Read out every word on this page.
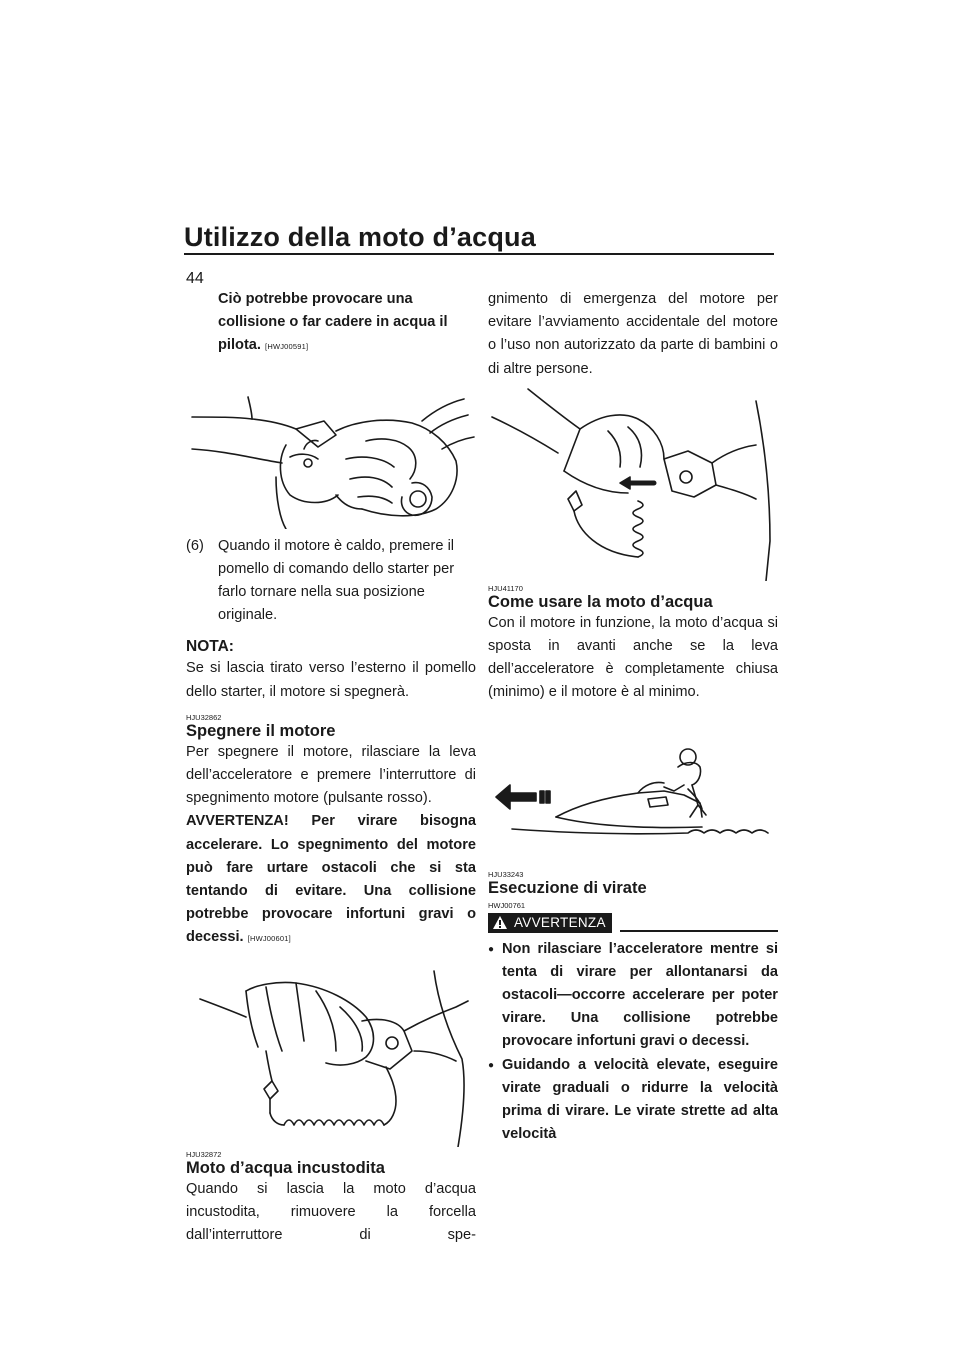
Utilizzo della moto d’acqua
44

Ciò potrebbe provocare una collisione o far cadere in acqua il pilota. [HWJ00591]

(6) Quando il motore è caldo, premere il pomello di comando dello starter per farlo tornare nella sua posizione originale.

NOTA:

Se si lascia tirato verso l’esterno il pomello dello starter, il motore si spegnerà.

HJU32862
Spegnere il motore

Per spegnere il motore, rilasciare la leva dell’acceleratore e premere l’interruttore di spegnimento motore (pulsante rosso).

AVVERTENZA! Per virare bisogna accelerare. Lo spegnimento del motore può fare urtare ostacoli che si sta tentando di evitare. Una collisione potrebbe provocare infortuni gravi o decessi. [HWJ00601]

HJU32872
Moto d’acqua incustodita

Quando si lascia la moto d’acqua incustodita, rimuovere la forcella dall’interruttore di spe-

gnimento di emergenza del motore per evitare l’avviamento accidentale del motore o l’uso non autorizzato da parte di bambini o di altre persone.

HJU41170
Come usare la moto d’acqua

Con il motore in funzione, la moto d’acqua si sposta in avanti anche se la leva dell’acceleratore è completamente chiusa (minimo) e il motore è al minimo.

HJU33243
Esecuzione di virate
HWJ00761
AVVERTENZA
● Non rilasciare l’acceleratore mentre si tenta di virare per allontanarsi da ostacoli—occorre accelerare per poter virare. Una collisione potrebbe provocare infortuni gravi o decessi.
● Guidando a velocità elevate, eseguire virate graduali o ridurre la velocità prima di virare. Le virate strette ad alta velocità
